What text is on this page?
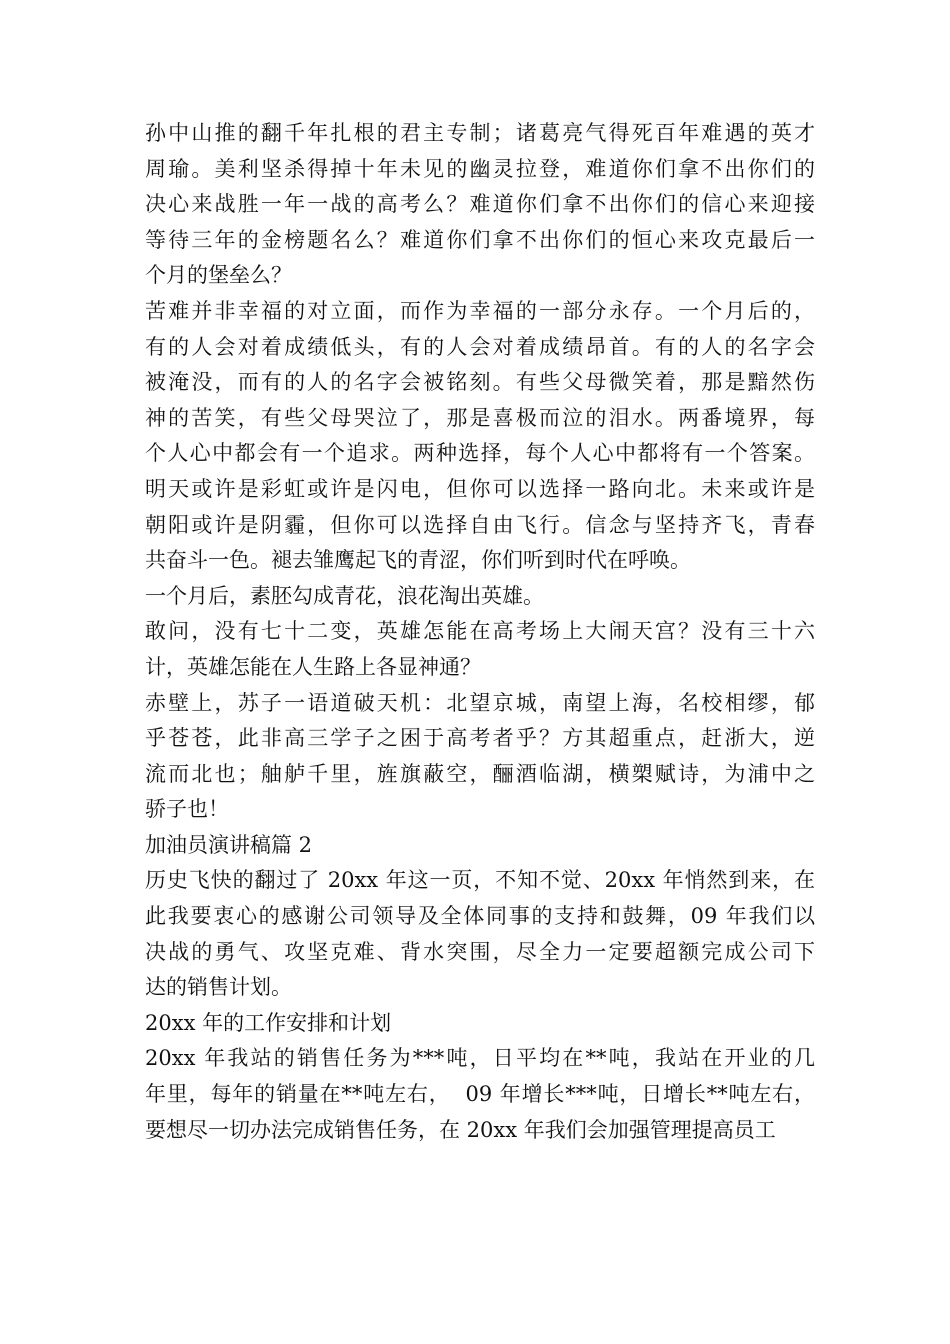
孙中山推的翻千年扎根的君主专制；诸葛亮气得死百年难遇的英才
周瑜。美利坚杀得掉十年未见的幽灵拉登，难道你们拿不出你们的
决心来战胜一年一战的高考么？难道你们拿不出你们的信心来迎接
等待三年的金榜题名么？难道你们拿不出你们的恒心来攻克最后一
个月的堡垒么？
苦难并非幸福的对立面，而作为幸福的一部分永存。一个月后的，
有的人会对着成绩低头，有的人会对着成绩昂首。有的人的名字会
被淹没，而有的人的名字会被铭刻。有些父母微笑着，那是黯然伤
神的苦笑，有些父母哭泣了，那是喜极而泣的泪水。两番境界，每
个人心中都会有一个追求。两种选择，每个人心中都将有一个答案。
明天或许是彩虹或许是闪电，但你可以选择一路向北。未来或许是
朝阳或许是阴霾，但你可以选择自由飞行。信念与坚持齐飞，青春
共奋斗一色。褪去雏鹰起飞的青涩，你们听到时代在呼唤。
一个月后，素胚勾成青花，浪花淘出英雄。
敢问，没有七十二变，英雄怎能在高考场上大闹天宫？没有三十六
计，英雄怎能在人生路上各显神通？
赤壁上，苏子一语道破天机：北望京城，南望上海，名校相缪，郁
乎苍苍，此非高三学子之困于高考者乎？方其超重点，赶浙大，逆
流而北也；舳舻千里，旌旗蔽空，酾酒临湖，横槊赋诗，为浦中之
骄子也！
加油员演讲稿篇 2
历史飞快的翻过了 20xx 年这一页，不知不觉、20xx 年悄然到来，在
此我要衷心的感谢公司领导及全体同事的支持和鼓舞，09 年我们以
决战的勇气、攻坚克难、背水突围，尽全力一定要超额完成公司下
达的销售计划。
20xx 年的工作安排和计划
20xx 年我站的销售任务为***吨，日平均在**吨，我站在开业的几
年里，每年的销量在**吨左右，  09 年增长***吨，日增长**吨左右，
要想尽一切办法完成销售任务，在 20xx 年我们会加强管理提高员工
